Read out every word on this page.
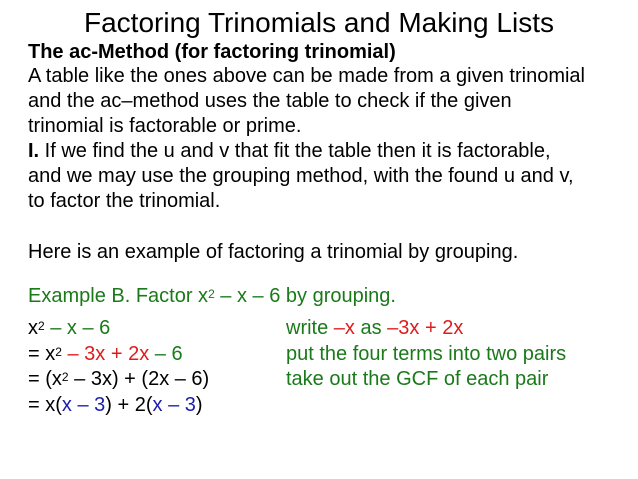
Factoring Trinomials and Making Lists
The ac-Method (for factoring trinomial)
A table like the ones above can be made from a given trinomial
and the ac–method uses the table to check if the given
trinomial is factorable or prime.
I. If we find the u and v that fit the table then it is factorable,
and we may use the grouping method, with the found u and v,
to factor the trinomial.
Here is an example of factoring a trinomial by grouping.
Example B. Factor $x^2$ – x – 6 by grouping.
$x^2$ – x – 6	write –x as –3x + 2x
= $x^2 - 3x + 2x - 6$	put the four terms into two pairs
= $(x^2 - 3x) + (2x - 6)$	take out the GCF of each pair
= x(x – 3) + 2(x – 3)
